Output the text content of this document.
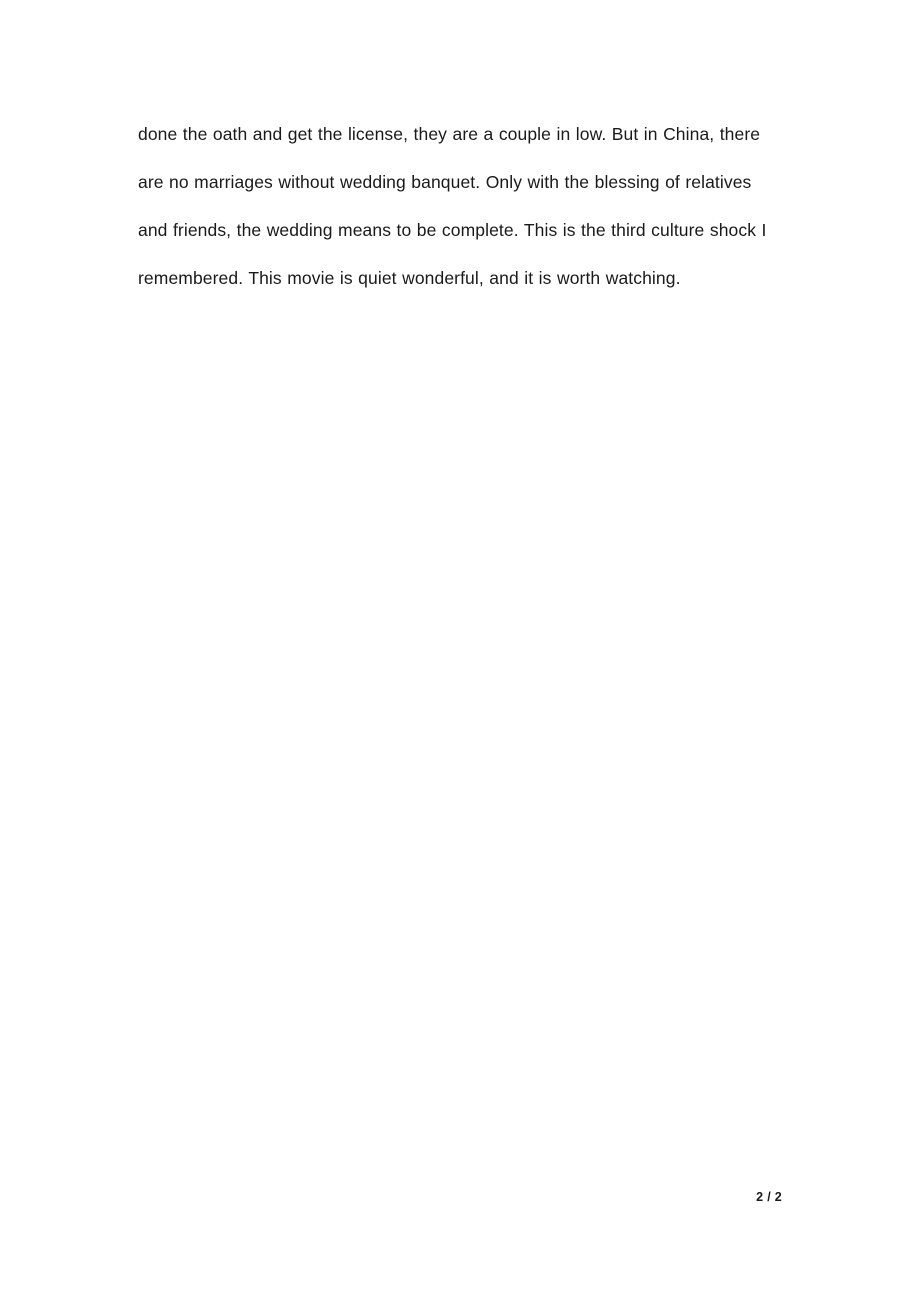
done the oath and get the license, they are a couple in low. But in China, there are no marriages without wedding banquet. Only with the blessing of relatives and friends, the wedding means to be complete. This is the third culture shock I remembered. This movie is quiet wonderful, and it is worth watching.

2 / 2
